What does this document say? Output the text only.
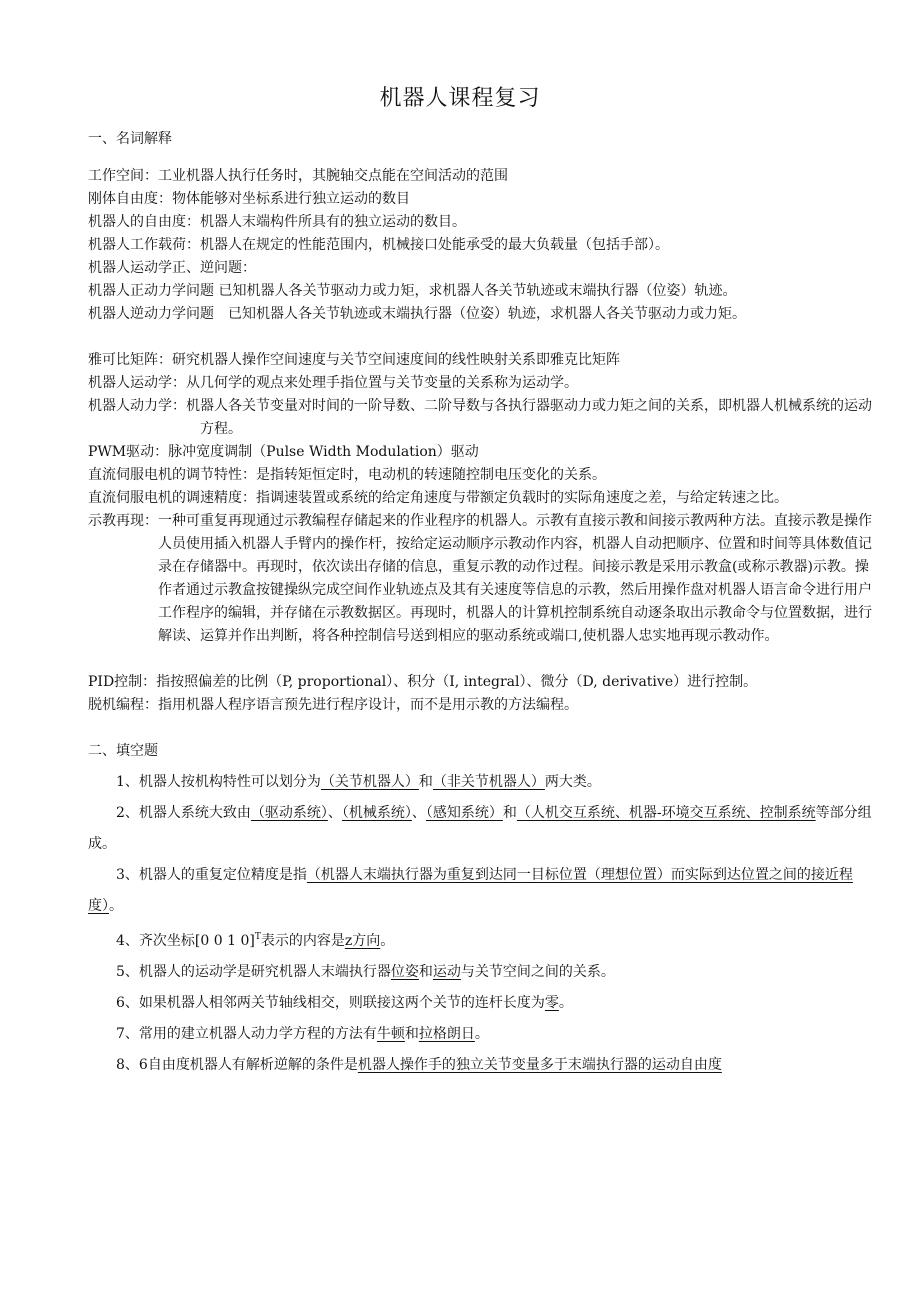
机器人课程复习
一、名词解释

工作空间：工业机器人执行任务时，其腕轴交点能在空间活动的范围

刚体自由度：物体能够对坐标系进行独立运动的数目

机器人的自由度：机器人末端构件所具有的独立运动的数目。

机器人工作载荷：机器人在规定的性能范围内，机械接口处能承受的最大负载量（包括手部）。

机器人运动学正、逆问题：

机器人正动力学问题 已知机器人各关节驱动力或力矩，求机器人各关节轨迹或末端执行器（位姿）轨迹。

机器人逆动力学问题　已知机器人各关节轨迹或末端执行器（位姿）轨迹，求机器人各关节驱动力或力矩。

雅可比矩阵：研究机器人操作空间速度与关节空间速度间的线性映射关系即雅克比矩阵

机器人运动学：从几何学的观点来处理手指位置与关节变量的关系称为运动学。

机器人动力学：机器人各关节变量对时间的一阶导数、二阶导数与各执行器驱动力或力矩之间的关系，即机器人机械系统的运动方程。

PWM驱动：脉冲宽度调制（Pulse Width Modulation）驱动

直流伺服电机的调节特性：是指转矩恒定时，电动机的转速随控制电压变化的关系。

直流伺服电机的调速精度：指调速装置或系统的给定角速度与带额定负载时的实际角速度之差，与给定转速之比。

示教再现：一种可重复再现通过示教编程存储起来的作业程序的机器人。示教有直接示教和间接示教两种方法。直接示教是操作人员使用插入机器人手臂内的操作杆，按给定运动顺序示教动作内容，机器人自动把顺序、位置和时间等具体数值记录在存储器中。再现时，依次读出存储的信息，重复示教的动作过程。间接示教是采用示教盒(或称示教器)示教。操作者通过示教盒按键操纵完成空间作业轨迹点及其有关速度等信息的示教，然后用操作盘对机器人语言命令进行用户工作程序的编辑，并存储在示教数据区。再现时，机器人的计算机控制系统自动逐条取出示教命令与位置数据，进行解读、运算并作出判断，将各种控制信号送到相应的驱动系统或端口,使机器人忠实地再现示教动作。

PID控制：指按照偏差的比例（P, proportional）、积分（I, integral）、微分（D, derivative）进行控制。

脱机编程：指用机器人程序语言预先进行程序设计，而不是用示教的方法编程。

二、填空题

1、机器人按机构特性可以划分为（关节机器人）和（非关节机器人）两大类。

2、机器人系统大致由（驱动系统）、（机械系统）、（感知系统）和（人机交互系统、机器-环境交互系统、控制系统等部分组成。

3、机器人的重复定位精度是指（机器人末端执行器为重复到达同一目标位置（理想位置）而实际到达位置之间的接近程度）。

4、齐次坐标[0 0 1 0]$^T$表示的内容是z方向。

5、机器人的运动学是研究机器人末端执行器位姿和运动与关节空间之间的关系。

6、如果机器人相邻两关节轴线相交，则联接这两个关节的连杆长度为零。

7、常用的建立机器人动力学方程的方法有牛顿和拉格朗日。

8、6自由度机器人有解析逆解的条件是机器人操作手的独立关节变量多于末端执行器的运动自由度
